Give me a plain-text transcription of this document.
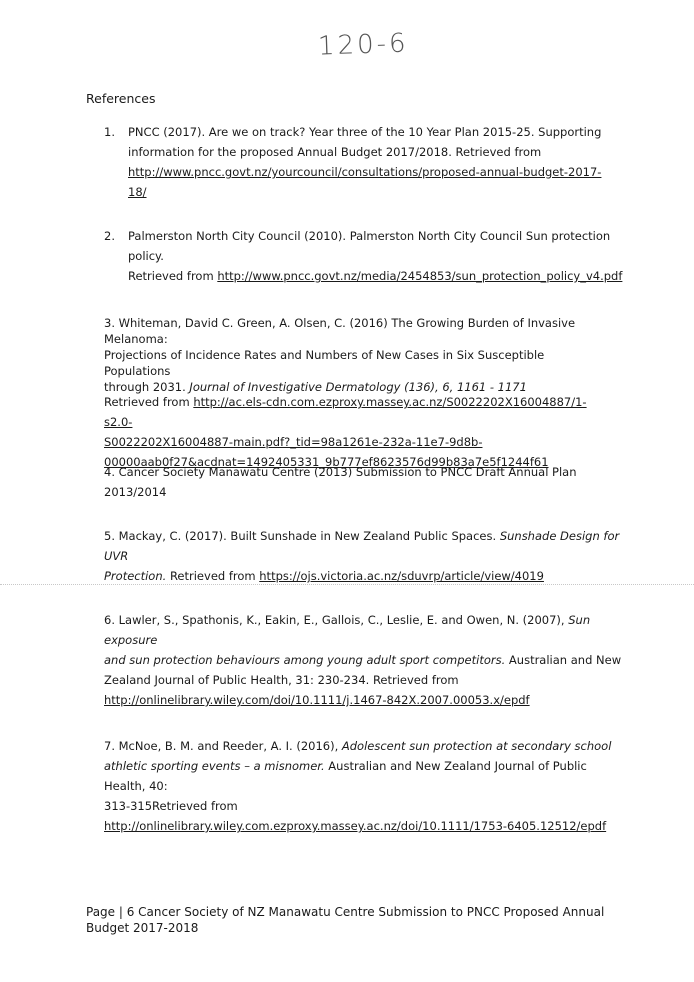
120-6
References
1. PNCC (2017). Are we on track? Year three of the 10 Year Plan 2015-25. Supporting
information for the proposed Annual Budget 2017/2018. Retrieved from
http://www.pncc.govt.nz/yourcouncil/consultations/proposed-annual-budget-2017-18/
2. Palmerston North City Council (2010). Palmerston North City Council Sun protection policy.
Retrieved from http://www.pncc.govt.nz/media/2454853/sun_protection_policy_v4.pdf
3. Whiteman, David C. Green, A. Olsen, C. (2016) The Growing Burden of Invasive Melanoma:
Projections of Incidence Rates and Numbers of New Cases in Six Susceptible Populations
through 2031. Journal of Investigative Dermatology (136), 6, 1161 - 1171
Retrieved from http://ac.els-cdn.com.ezproxy.massey.ac.nz/S0022202X16004887/1-s2.0-
S0022202X16004887-main.pdf?_tid=98a1261e-232a-11e7-9d8b-
00000aab0f27&acdnat=1492405331_9b777ef8623576d99b83a7e5f1244f61
4. Cancer Society Manawatu Centre (2013) Submission to PNCC Draft Annual Plan 2013/2014
5. Mackay, C. (2017). Built Sunshade in New Zealand Public Spaces. Sunshade Design for UVR
Protection. Retrieved from https://ojs.victoria.ac.nz/sduvrp/article/view/4019
6. Lawler, S., Spathonis, K., Eakin, E., Gallois, C., Leslie, E. and Owen, N. (2007), Sun exposure
and sun protection behaviours among young adult sport competitors. Australian and New
Zealand Journal of Public Health, 31: 230-234. Retrieved from
http://onlinelibrary.wiley.com/doi/10.1111/j.1467-842X.2007.00053.x/epdf
7. McNoe, B. M. and Reeder, A. I. (2016), Adolescent sun protection at secondary school
athletic sporting events – a misnomer. Australian and New Zealand Journal of Public Health, 40:
313-315Retrieved from
http://onlinelibrary.wiley.com.ezproxy.massey.ac.nz/doi/10.1111/1753-6405.12512/epdf
Page | 6 Cancer Society of NZ Manawatu Centre Submission to PNCC Proposed Annual Budget 2017-2018
